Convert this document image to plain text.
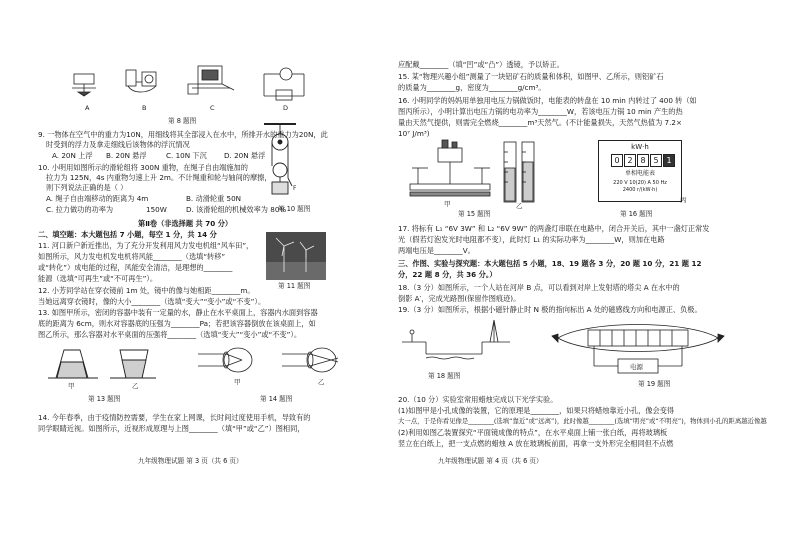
A	B	C	D
第 8 题图
9. 一物体在空气中的重力为10N，用细线将其全部浸入在水中，所排开水的重力为20N，此
时受到的浮力及拿走细线后该物体的浮沉情况
A. 20N 上浮 B. 20N 悬浮	C. 10N 下沉 D. 20N 悬浮
10. 小明用如图所示的滑轮组将 300N 重物，在绳子自由端施加的
拉力为 125N，4s 内重物匀速上升 2m。不计绳重和轮与轴间的摩擦，
则下列说法正确的是（ ）
A. 绳子自由端移动的距离为 4m	B. 动滑轮重 50N
C. 拉力做功的功率为	150W	D. 该滑轮组的机械效率为 80%
F
第 10 题图
第Ⅱ卷（非选择题 共 70 分）
二、填空题：本大题包括 7 小题，每空 1 分，共 14 分
11. 河口新户新近推出，为了充分开发利用风力发电机组“风车田”，
如图所示，风力发电机发电机将风能________（选填“转移”
或“转化”）成电能的过程，风能安全清洁，是理想的________
能源（选填“可再生”或“不可再生”）。
第 11 题图
12. 小芳同学站在穿衣镜前 1m 处，镜中的像与她相距________m。
当她远离穿衣镜时，像的大小________（选填“变大”“变小”或“不变”）。
13. 如图甲所示，密闭的容器中装有一定量的水，静止在水平桌面上，容器内水面到容器
底的距离为 6cm，则水对容器底的压强为________Pa；若把该容器倒放在该桌面上，如
图乙所示，那么容器对水平桌面的压强将________（选填“变大”“变小”或“不变”）。
甲	乙
第 13 题图
甲	乙
第 14 题图
14. 今年春季，由于疫情防控需要，学生在家上网课，长时间过度使用手机，导致有的
同学眼睛近视。如图所示，近视形成原理与上图________（填“甲”或“乙”）图相同，
九年级物理试题 第 3 页（共 6 页）
应配戴________（填“凹”或“凸”）透镜，予以矫正。
15. 某“物理兴趣小组”测量了一块铝矿石的质量和体积，如图甲、乙所示，则铝矿石
的质量为________g，密度为________g/cm³。
16. 小明同学的妈妈用单独用电压力锅做饭时，电能表的转盘在 10 min 内转过了 400 转（如
图丙所示），小明计算出电压力锅的电功率为________W，若该电压力锅 10 min 产生的热
量由天然气提供，则需完全燃烧________m³天然气。(不计能量损失，天然气热值为 7.2×
10⁷ J/m³)
甲	乙
kW·h
0 2 8 5 1
单相电能表
220 V 10(20) A 50 Hz
2400 r/(kW·h)
丙
第 15 题图	第 16 题图
17. 将标有 L₁ “6V 3W” 和 L₂ “6V 9W” 的两盏灯串联在电路中，闭合开关后，其中一盏灯正常发
光（假若灯泡发光时电阻都不变），此时灯 L₁ 的实际功率为________W，则加在电路
两端电压是________V。
三、作图、实验与探究题：本大题包括 5 小题，18、19 题各 3 分，20 题 10 分，21 题 12
分，22 题 8 分，共 36 分。）
18.（3 分）如图所示，一个人站在河岸 B 点，可以看到对岸上发射塔的塔尖 A 在水中的
倒影 A′，完成光路图(保留作图痕迹)。
19.（3 分）如图所示，根据小磁针静止时 N 极的指向标出 A 处的磁感线方向和电源正、负极。
第 18 题图
电源
第 19 题图
20.（10 分）实验室常用蜡烛完成以下光学实验。
(1)如图甲是小孔成像的装置，它的原理是________，如果只将蜡烛靠近小孔，像会变得
大一点，于是你看见像是________(选填“靠近”或“远离”)，此时像越________(选填“明亮”或“不明亮”)，物体到小孔的距离越近像越
(2)利用如图乙装置探究“平面镜成像的特点”，在水平桌面上铺一张白纸，再将玻璃板
竖立在白纸上，把一支点燃的蜡烛 A 放在玻璃板前面，再拿一支外形完全相同但不点燃
九年级物理试题 第 4 页（共 6 页）
